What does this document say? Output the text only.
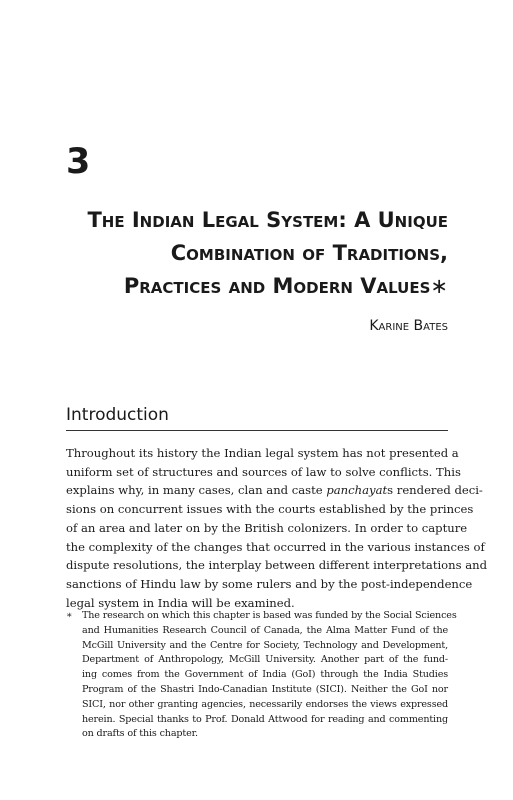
3
The Indian Legal System: A Unique
Combination of Traditions,
Practices and Modern Values∗
Karine Bates
Introduction
Throughout its history the Indian legal system has not presented a
uniform set of structures and sources of law to solve conflicts. This
explains why, in many cases, clan and caste panchayats rendered deci-
sions on concurrent issues with the courts established by the princes
of an area and later on by the British colonizers. In order to capture
the complexity of the changes that occurred in the various instances of
dispute resolutions, the interplay between different interpretations and
sanctions of Hindu law by some rulers and by the post-independence
legal system in India will be examined.
∗ The research on which this chapter is based was funded by the Social Sciences
and Humanities Research Council of Canada, the Alma Matter Fund of the
McGill University and the Centre for Society, Technology and Development,
Department of Anthropology, McGill University. Another part of the fund-
ing comes from the Government of India (GoI) through the India Studies
Program of the Shastri Indo-Canadian Institute (SICI). Neither the GoI nor
SICI, nor other granting agencies, necessarily endorses the views expressed
herein. Special thanks to Prof. Donald Attwood for reading and commenting
on drafts of this chapter.
